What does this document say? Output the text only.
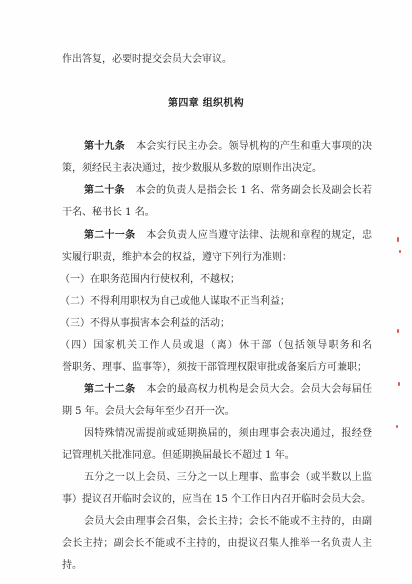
作出答复，必要时提交会员大会审议。
第四章 组织机构
第十九条 本会实行民主办会。领导机构的产生和重大事项的决
策，须经民主表决通过，按少数服从多数的原则作出决定。
第二十条 本会的负责人是指会长 1 名、常务副会长及副会长若
干名、秘书长 1 名。
第二十一条 本会负责人应当遵守法律、法规和章程的规定，忠
实履行职责，维护本会的权益，遵守下列行为准则：
（一）在职务范围内行使权利，不越权；
（二）不得利用职权为自己或他人谋取不正当利益；
（三）不得从事损害本会利益的活动；
（四）国家机关工作人员或退（离）休干部（包括领导职务和名
誉职务、理事、监事等），须按干部管理权限审批或备案后方可兼职；
第二十二条 本会的最高权力机构是会员大会。会员大会每届任
期 5 年。会员大会每年至少召开一次。
因特殊情况需提前或延期换届的，须由理事会表决通过，报经登
记管理机关批准同意。但延期换届最长不超过 1 年。
五分之一以上会员、三分之一以上理事、监事会（或半数以上监
事）提议召开临时会议的，应当在 15 个工作日内召开临时会员大会。
会员大会由理事会召集，会长主持；会长不能或不主持的，由副
会长主持；副会长不能或不主持的，由提议召集人推举一名负责人主
持。
